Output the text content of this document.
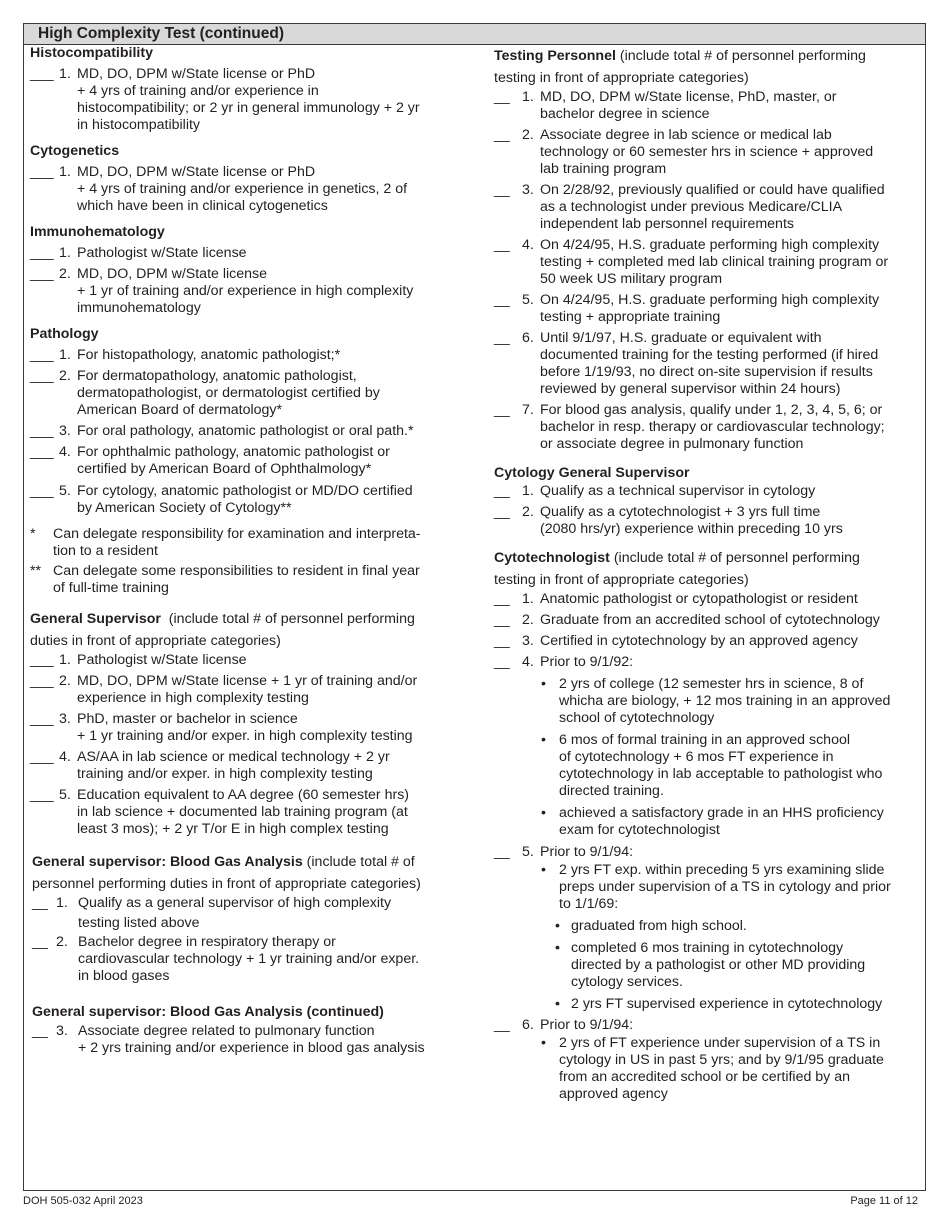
High Complexity Test (continued)
Histocompatibility
___ 1. MD, DO, DPM w/State license or PhD
+ 4 yrs of training and/or experience in
histocompatibility; or 2 yr in general immunology + 2 yr
in histocompatibility
Cytogenetics
___ 1. MD, DO, DPM w/State license or PhD
+ 4 yrs of training and/or experience in genetics, 2 of
which have been in clinical cytogenetics
Immunohematology
___ 1. Pathologist w/State license
___ 2. MD, DO, DPM w/State license
+ 1 yr of training and/or experience in high complexity
immunohematology
Pathology
___ 1. For histopathology, anatomic pathologist;*
___ 2. For dermatopathology, anatomic pathologist,
dermatopathologist, or dermatologist certified by
American Board of dermatology*
___ 3. For oral pathology, anatomic pathologist or oral path.*
___ 4. For ophthalmic pathology, anatomic pathologist or
certified by American Board of Ophthalmology*
___ 5. For cytology, anatomic pathologist or MD/DO certified
by American Society of Cytology**
* Can delegate responsibility for examination and interpreta-
tion to a resident
** Can delegate some responsibilities to resident in final year
of full-time training
General Supervisor (include total # of personnel performing
duties in front of appropriate categories)
___ 1. Pathologist w/State license
___ 2. MD, DO, DPM w/State license + 1 yr of training and/or
experience in high complexity testing
___ 3. PhD, master or bachelor in science
+ 1 yr training and/or exper. in high complexity testing
___ 4. AS/AA in lab science or medical technology + 2 yr
training and/or exper. in high complexity testing
___ 5. Education equivalent to AA degree (60 semester hrs)
in lab science + documented lab training program (at
least 3 mos); + 2 yr T/or E in high complex testing
General supervisor: Blood Gas Analysis (include total # of
personnel performing duties in front of appropriate categories)
__ 1. Qualify as a general supervisor of high complexity
testing listed above
__ 2. Bachelor degree in respiratory therapy or
cardiovascular technology + 1 yr training and/or exper.
in blood gases
General supervisor: Blood Gas Analysis (continued)
__ 3. Associate degree related to pulmonary function
+ 2 yrs training and/or experience in blood gas analysis
Testing Personnel (include total # of personnel performing
testing in front of appropriate categories)
__ 1. MD, DO, DPM w/State license, PhD, master, or
bachelor degree in science
__ 2. Associate degree in lab science or medical lab
technology or 60 semester hrs in science + approved
lab training program
__ 3. On 2/28/92, previously qualified or could have qualified
as a technologist under previous Medicare/CLIA
independent lab personnel requirements
__ 4. On 4/24/95, H.S. graduate performing high complexity
testing + completed med lab clinical training program or
50 week US military program
__ 5. On 4/24/95, H.S. graduate performing high complexity
testing + appropriate training
__ 6. Until 9/1/97, H.S. graduate or equivalent with
documented training for the testing performed (if hired
before 1/19/93, no direct on-site supervision if results
reviewed by general supervisor within 24 hours)
__ 7. For blood gas analysis, qualify under 1, 2, 3, 4, 5, 6; or
bachelor in resp. therapy or cardiovascular technology;
or associate degree in pulmonary function
Cytology General Supervisor
__ 1. Qualify as a technical supervisor in cytology
__ 2. Qualify as a cytotechnologist + 3 yrs full time
(2080 hrs/yr) experience within preceding 10 yrs
Cytotechnologist (include total # of personnel performing
testing in front of appropriate categories)
__ 1. Anatomic pathologist or cytopathologist or resident
__ 2. Graduate from an accredited school of cytotechnology
__ 3. Certified in cytotechnology by an approved agency
__ 4. Prior to 9/1/92:
• 2 yrs of college (12 semester hrs in science, 8 of
whicha are biology, + 12 mos training in an approved
school of cytotechnology
• 6 mos of formal training in an approved school
of cytotechnology + 6 mos FT experience in
cytotechnology in lab acceptable to pathologist who
directed training.
• achieved a satisfactory grade in an HHS proficiency
exam for cytotechnologist
__ 5. Prior to 9/1/94:
• 2 yrs FT exp. within preceding 5 yrs examining slide
preps under supervision of a TS in cytology and prior
to 1/1/69:
• graduated from high school.
• completed 6 mos training in cytotechnology
directed by a pathologist or other MD providing
cytology services.
• 2 yrs FT supervised experience in cytotechnology
__ 6. Prior to 9/1/94:
• 2 yrs of FT experience under supervision of a TS in
cytology in US in past 5 yrs; and by 9/1/95 graduate
from an accredited school or be certified by an
approved agency
DOH 505-032 April 2023	Page 11 of 12
